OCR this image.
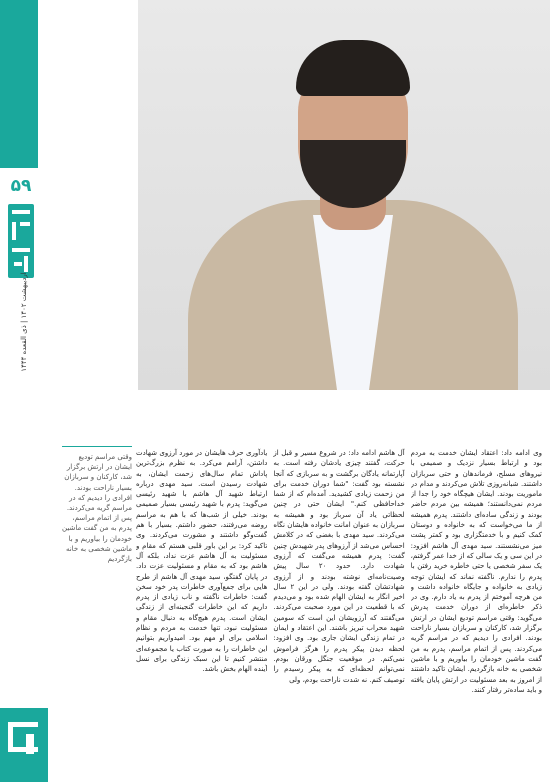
۵۹
اردیبهشت ۱۴۰۲ | ذی القعده ۱۴۴۴
وقتی مراسم تودیع ایشان در ارتش برگزار شد، کارکنان و سربازان بسیار ناراحت بودند. افرادی را دیدیم که در مراسم گریه می‌کردند. پس از اتمام مراسم، پدرم به من گفت ماشین خودمان را بیاوریم و با ماشین شخصی به خانه بازگردیم

وی ادامه داد: اعتقاد ایشان خدمت به مردم بود و ارتباط بسیار نزدیک و صمیمی با نیروهای مسلح، فرماندهان و حتی سربازان داشتند. شبانه‌روزی تلاش می‌کردند و مدام در ماموریت بودند. ایشان هیچگاه خود را جدا از مردم نمی‌دانستند؛ همیشه بین مردم حاضر بودند و زندگی ساده‌ای داشتند. پدرم همیشه از ما می‌خواست که به خانواده و دوستان کمک کنیم و با خدمتگزاری بود و کمتر پشت میز می‌نشستند. سید مهدی آل هاشم افزود: در این سی و یک سالی که از خدا عمر گرفتم، یک سفر شخصی یا حتی خاطره خرید رفتن با پدرم را ندارم. ناگفته نماند که ایشان توجه زیادی به خانواده و جایگاه خانواده داشت و من هرچه آموختم از پدرم به یاد دارم. وی در ذکر خاطره‌ای از دوران خدمت پدرش می‌گوید: وقتی مراسم تودیع ایشان در ارتش برگزار شد، کارکنان و سربازان بسیار ناراحت بودند. افرادی را دیدیم که در مراسم گریه می‌کردند. پس از اتمام مراسم، پدرم به من گفت ماشین خودمان را بیاوریم و با ماشین شخصی به خانه بازگردیم. ایشان تاکید داشتند از امروز به بعد مسئولیت در ارتش پایان یافته و باید ساده‌تر رفتار کنند.

آل هاشم ادامه داد: در شروع مسیر و قبل از حرکت، گفتند چیزی یادشان رفته است. به آپارتمانه یادگان برگشت و به سربازی که آنجا نشسته بود گفت: "شما دوران خدمت برای من زحمت زیادی کشیدید. آمده‌ام که از شما خداحافظی کنم." ایشان حتی در چنین لحظاتی یاد آن سرباز بود و همیشه به سربازان به عنوان امانت خانواده هایشان نگاه می‌کردند. سید مهدی با بغضی که در کلامش احساس می‌شد از آرزوهای پدر شهیدش چنین گفت: پدرم همیشه می‌گفت که آرزوی شهادت دارد. حدود ۲۰ سال پیش وصیت‌نامه‌ای نوشته بودند و از آرزوی شهادتشان گفته بودند. ولی در این ۲ سال اخیر انگار به ایشان الهام شده بود و می‌دیدم که با قطعیت در این مورد صحبت می‌کردند. می‌گفتند که آرزویشان این است که سومین شهید محراب تبریز باشند. این اعتقاد و ایمان در تمام زندگی ایشان جاری بود. وی افزود: لحظه دیدن پیکر پدرم را هرگز فراموش نمی‌کنم. در موقعیت جنگل ورقان بودم. نمی‌توانم لحظه‌ای که به پیکر رسیدم را توصیف کنم. نه شدت ناراحت بودم، ولی

یادآوری حرف هایشان در مورد آرزوی شهادت داشتن، آرامم می‌کرد. به نظرم بزرگ‌ترین پاداش تمام سال‌های زحمت ایشان، به شهادت رسیدن است. سید مهدی درباره ارتباط شهید آل هاشم با شهید رئیسی می‌گوید: پدرم با شهید رئیسی بسیار صمیمی بودند. خیلی از شب‌ها که با هم به مراسم روضه می‌رفتند، حضور داشتم. بسیار با هم گفت‌وگو داشتند و مشورت می‌کردند. وی تاکید کرد: بر این باور قلبی هستم که مقام و مسئولیت به آل هاشم عزت نداد، بلکه آل هاشم بود که به مقام و مسئولیت عزت داد. در پایان گفتگو، سید مهدی آل هاشم از طرح هایی برای جمع‌آوری خاطرات پدر خود سخن گفت: خاطرات ناگفته و ناب زیادی از پدرم داریم که این خاطرات گنجینه‌ای از زندگی ایشان است. پدرم هیچ‌گاه به دنبال مقام و مسئولیت نبود، تنها خدمت به مردم و نظام اسلامی برای او مهم بود. امیدواریم بتوانیم این خاطرات را به صورت کتاب یا مجموعه‌ای منتشر کنیم تا این سبک زندگی برای نسل آینده الهام بخش باشد.
